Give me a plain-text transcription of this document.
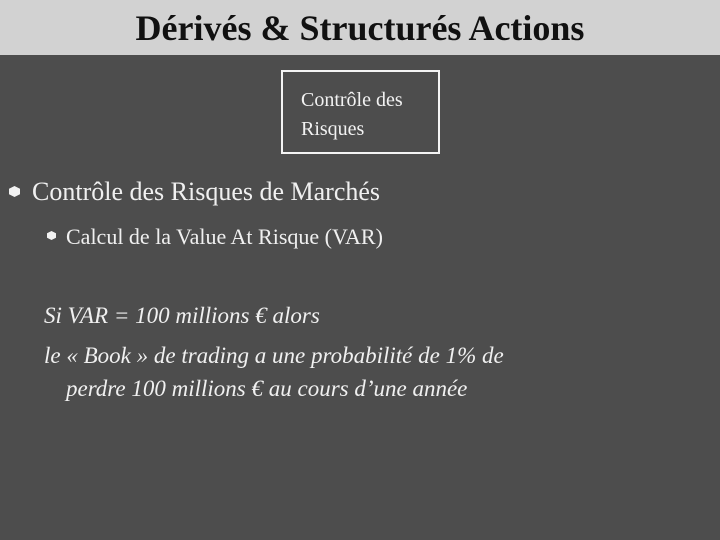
Dérivés & Structurés Actions
Contrôle des
Risques
Contrôle des Risques de Marchés
Calcul de la Value At Risque (VAR)
Si VAR = 100 millions € alors
le « Book » de trading a une probabilité de 1% de
perdre 100 millions € au cours d’une année
